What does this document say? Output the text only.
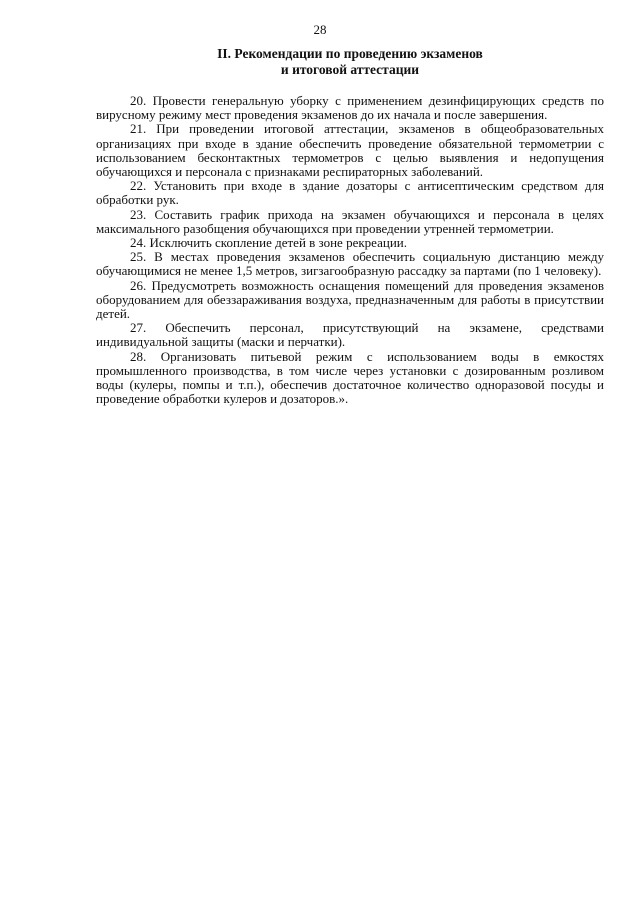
28
II. Рекомендации по проведению экзаменов
и итоговой аттестации

20. Провести генеральную уборку с применением дезинфицирующих средств по вирусному режиму мест проведения экзаменов до их начала и после завершения.

21. При проведении итоговой аттестации, экзаменов в общеобразовательных организациях при входе в здание обеспечить проведение обязательной термометрии с использованием бесконтактных термометров с целью выявления и недопущения обучающихся и персонала с признаками респираторных заболеваний.

22. Установить при входе в здание дозаторы с антисептическим средством для обработки рук.

23. Составить график прихода на экзамен обучающихся и персонала в целях максимального разобщения обучающихся при проведении утренней термометрии.

24. Исключить скопление детей в зоне рекреации.

25. В местах проведения экзаменов обеспечить социальную дистанцию между обучающимися не менее 1,5 метров, зигзагообразную рассадку за партами (по 1 человеку).

26. Предусмотреть возможность оснащения помещений для проведения экзаменов оборудованием для обеззараживания воздуха, предназначенным для работы в присутствии детей.

27. Обеспечить персонал, присутствующий на экзамене, средствами индивидуальной защиты (маски и перчатки).

28. Организовать питьевой режим с использованием воды в емкостях промышленного производства, в том числе через установки с дозированным розливом воды (кулеры, помпы и т.п.), обеспечив достаточное количество одноразовой посуды и проведение обработки кулеров и дозаторов.».
